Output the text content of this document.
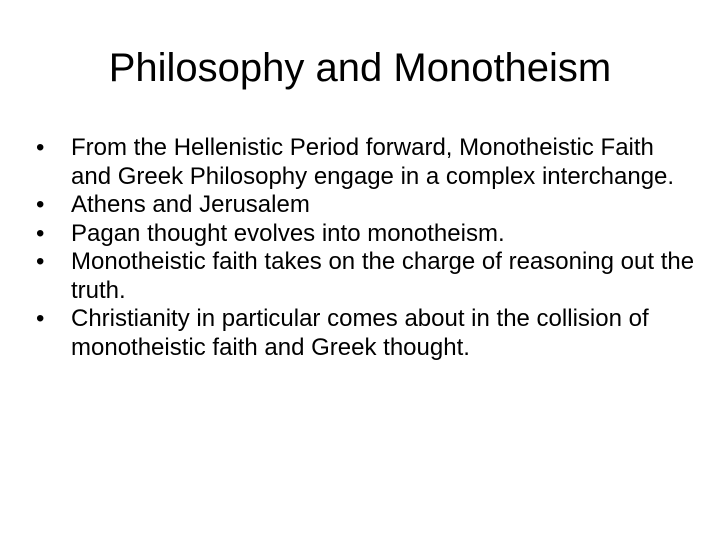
Philosophy and Monotheism
•	From the Hellenistic Period forward, Monotheistic Faith and Greek Philosophy engage in a complex interchange.
•	Athens and Jerusalem
•	Pagan thought evolves into monotheism.
•	Monotheistic faith takes on the charge of reasoning out the truth.
•	Christianity in particular comes about in the collision of monotheistic faith and Greek thought.
